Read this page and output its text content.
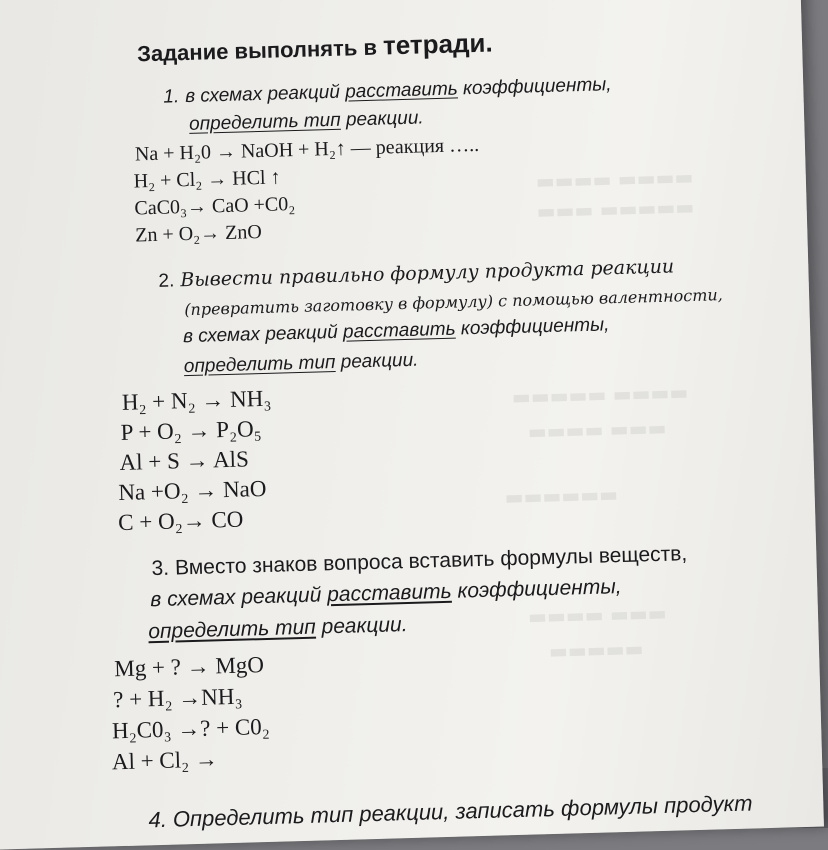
▬▬▬▬ ▬▬▬▬
▬▬▬ ▬▬▬▬▬
▬▬▬▬▬ ▬▬▬▬
▬▬▬▬ ▬▬▬
▬▬▬▬▬▬
▬▬▬▬ ▬▬▬
▬▬▬▬▬
Задание выполнять в тетради.
1. в схемах реакций расставить коэффициенты,
определить тип реакции.
Na + H₂0 → NaOH + H₂↑ — реакция …..
H₂ + Cl₂ → HCl ↑
CaC0₃→ CaO +C0₂
Zn + O₂→ ZnO
2. Вывести правильно формулу продукта реакции
(превратить заготовку в формулу) с помощью валентности,
в схемах реакций расставить коэффициенты,
определить тип реакции.
H₂ + N₂ → NH₃
P + O₂ → P₂O₅
Al + S → AlS
Na +O₂ → NaO
C + O₂→ CO
3. Вместо знаков вопроса вставить формулы веществ,
в схемах реакций расставить коэффициенты,
определить тип реакции.
Mg + ? → MgO
? + H₂ →NH₃
H₂C0₃ →? + C0₂
Al + Cl₂ →
4. Определить тип реакции, записать формулы продукт
